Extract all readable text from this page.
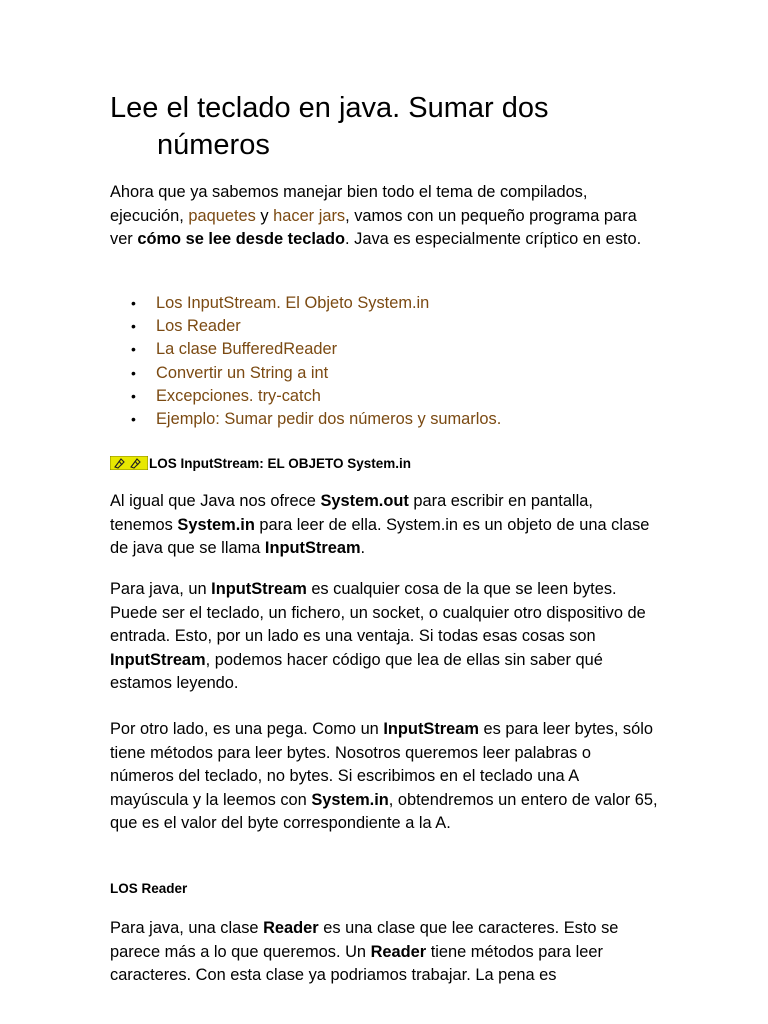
Lee el teclado en java. Sumar dos números

Ahora que ya sabemos manejar bien todo el tema de compilados, ejecución, paquetes y hacer jars, vamos con un pequeño programa para ver cómo se lee desde teclado. Java es especialmente críptico en esto.

• Los InputStream. El Objeto System.in
• Los Reader
• La clase BufferedReader
• Convertir un String a int
• Excepciones. try-catch
• Ejemplo: Sumar pedir dos números y sumarlos.
LOS InputStream: EL OBJETO System.in

Al igual que Java nos ofrece System.out para escribir en pantalla, tenemos System.in para leer de ella. System.in es un objeto de una clase de java que se llama InputStream.

Para java, un InputStream es cualquier cosa de la que se leen bytes. Puede ser el teclado, un fichero, un socket, o cualquier otro dispositivo de entrada. Esto, por un lado es una ventaja. Si todas esas cosas son InputStream, podemos hacer código que lea de ellas sin saber qué estamos leyendo.

Por otro lado, es una pega. Como un InputStream es para leer bytes, sólo tiene métodos para leer bytes. Nosotros queremos leer palabras o números del teclado, no bytes. Si escribimos en el teclado una A mayúscula y la leemos con System.in, obtendremos un entero de valor 65, que es el valor del byte correspondiente a la A.

LOS Reader

Para java, una clase Reader es una clase que lee caracteres. Esto se parece más a lo que queremos. Un Reader tiene métodos para leer caracteres. Con esta clase ya podriamos trabajar. La pena es
